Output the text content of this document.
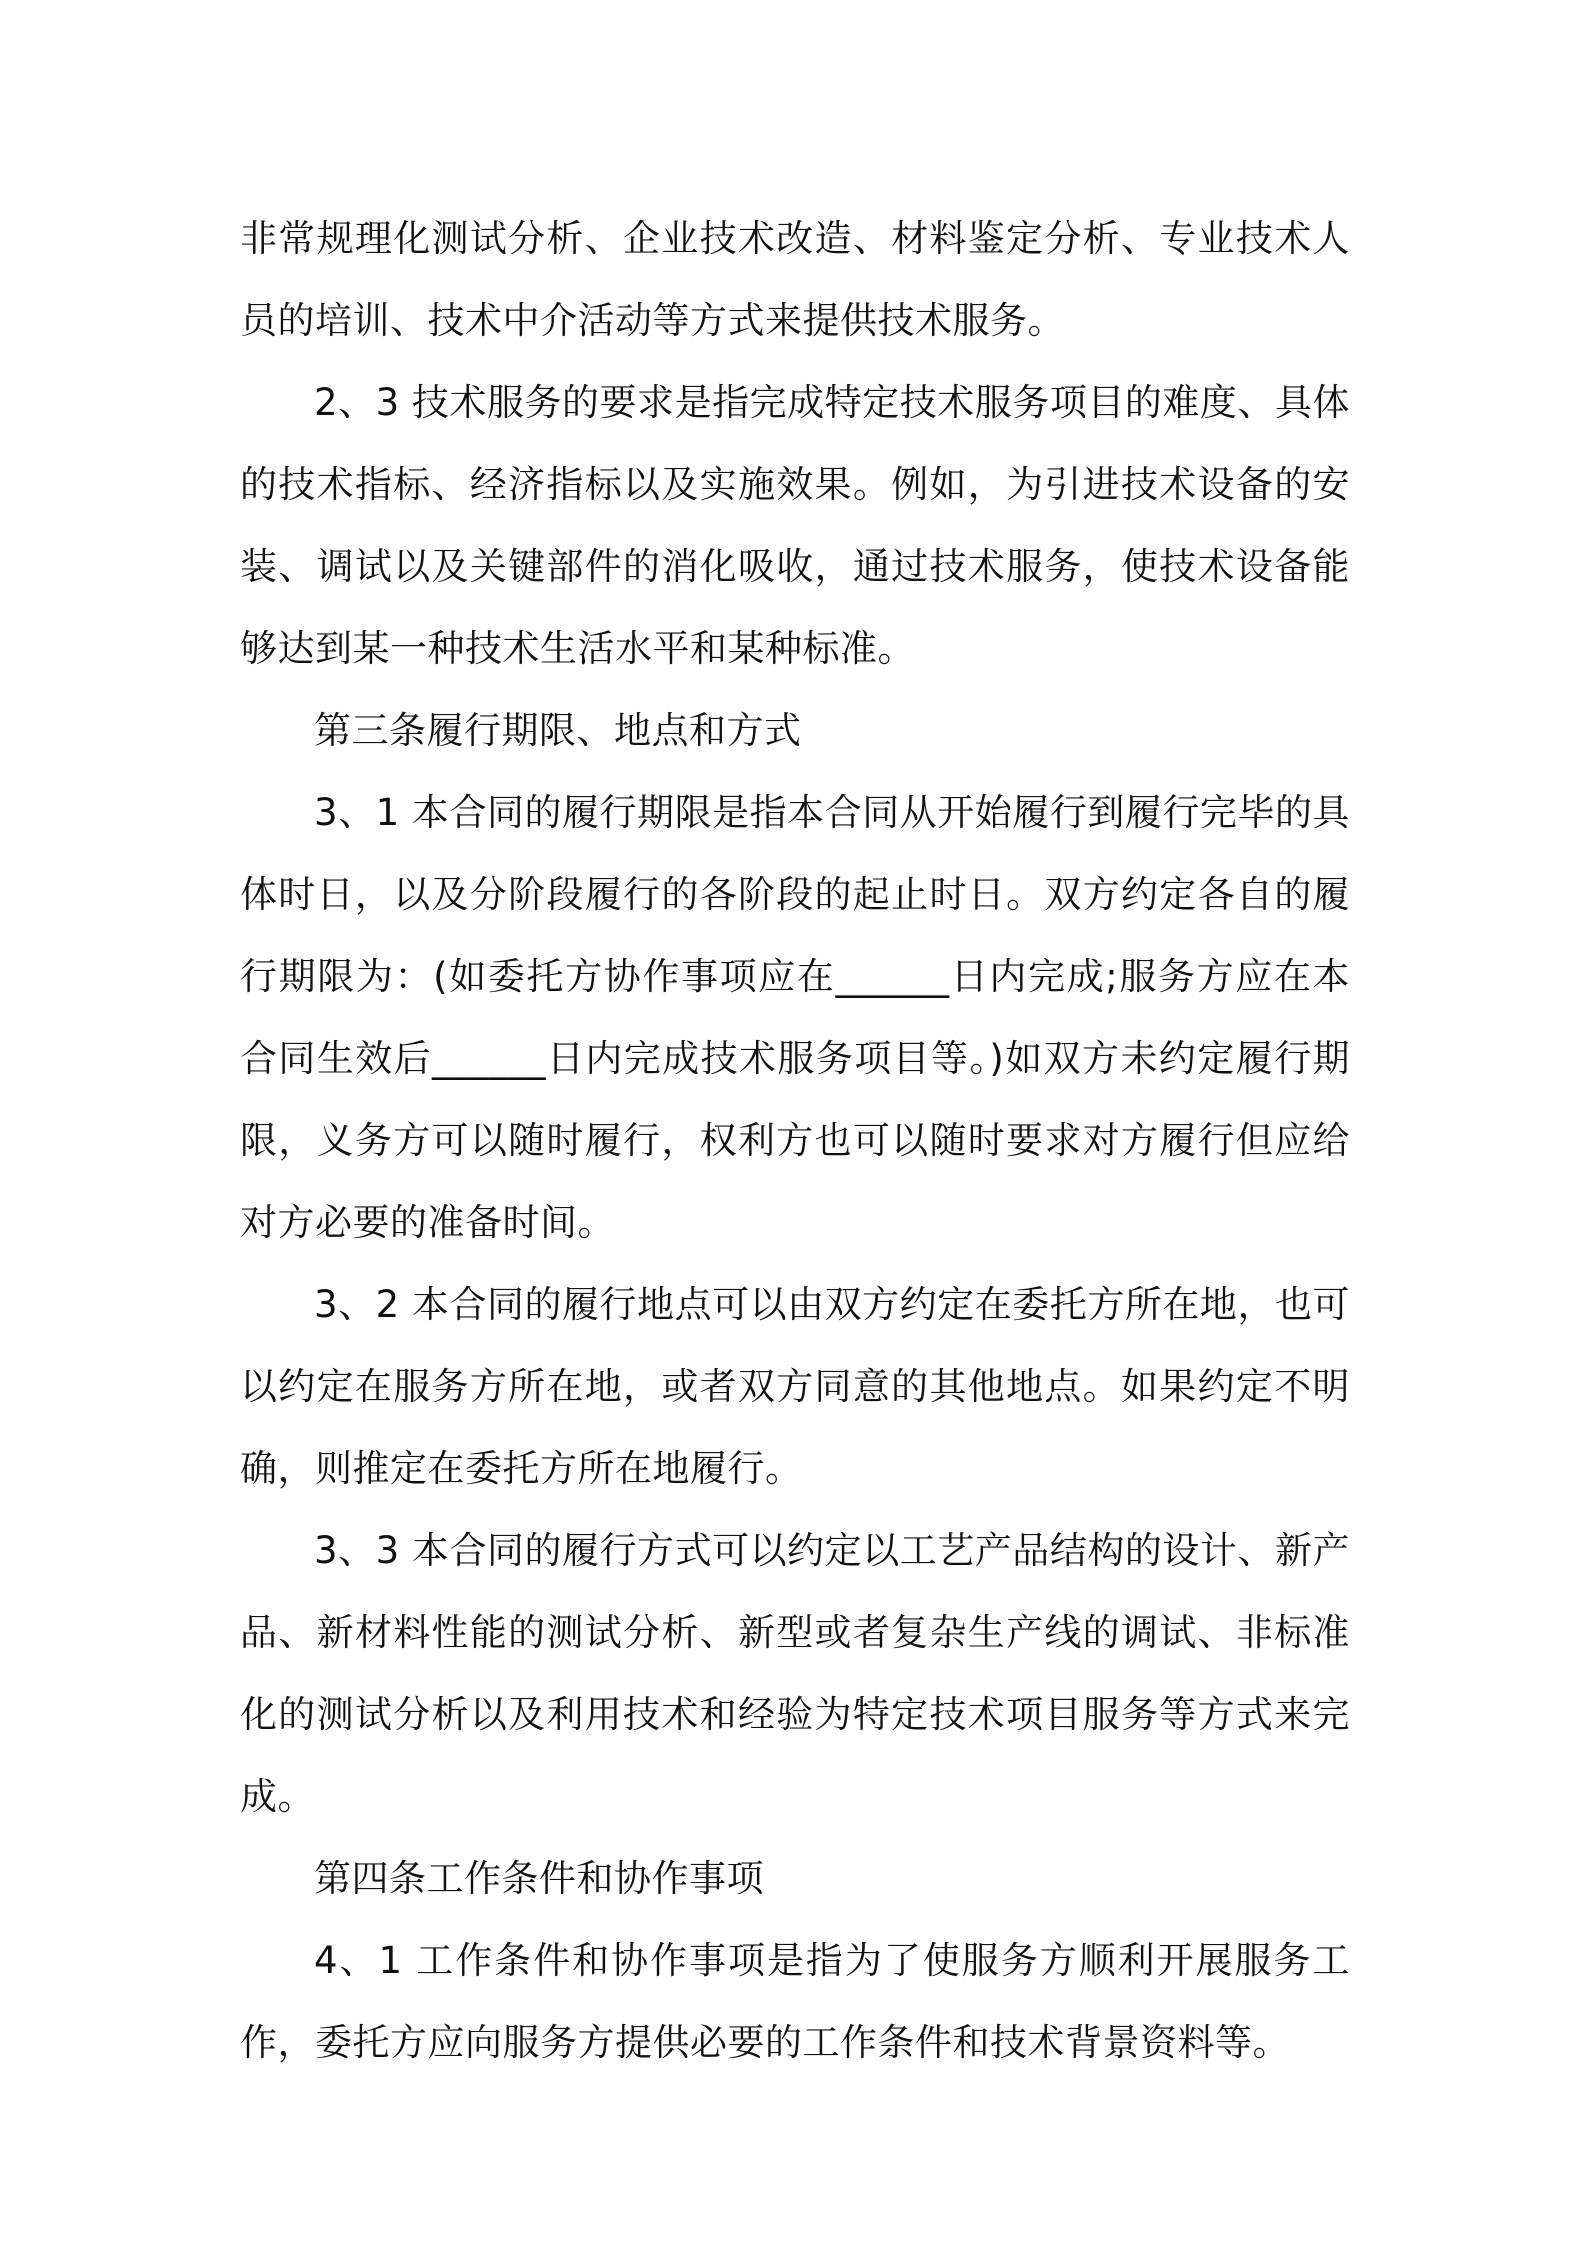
非常规理化测试分析、企业技术改造、材料鉴定分析、专业技术人员的培训、技术中介活动等方式来提供技术服务。

2、3 技术服务的要求是指完成特定技术服务项目的难度、具体的技术指标、经济指标以及实施效果。例如，为引进技术设备的安装、调试以及关键部件的消化吸收，通过技术服务，使技术设备能够达到某一种技术生活水平和某种标准。

第三条履行期限、地点和方式

3、1 本合同的履行期限是指本合同从开始履行到履行完毕的具体时日，以及分阶段履行的各阶段的起止时日。双方约定各自的履行期限为：(如委托方协作事项应在______日内完成;服务方应在本合同生效后______日内完成技术服务项目等。)如双方未约定履行期限，义务方可以随时履行，权利方也可以随时要求对方履行但应给对方必要的准备时间。

3、2 本合同的履行地点可以由双方约定在委托方所在地，也可以约定在服务方所在地，或者双方同意的其他地点。如果约定不明确，则推定在委托方所在地履行。

3、3 本合同的履行方式可以约定以工艺产品结构的设计、新产品、新材料性能的测试分析、新型或者复杂生产线的调试、非标准化的测试分析以及利用技术和经验为特定技术项目服务等方式来完成。

第四条工作条件和协作事项

4、1 工作条件和协作事项是指为了使服务方顺利开展服务工作，委托方应向服务方提供必要的工作条件和技术背景资料等。
